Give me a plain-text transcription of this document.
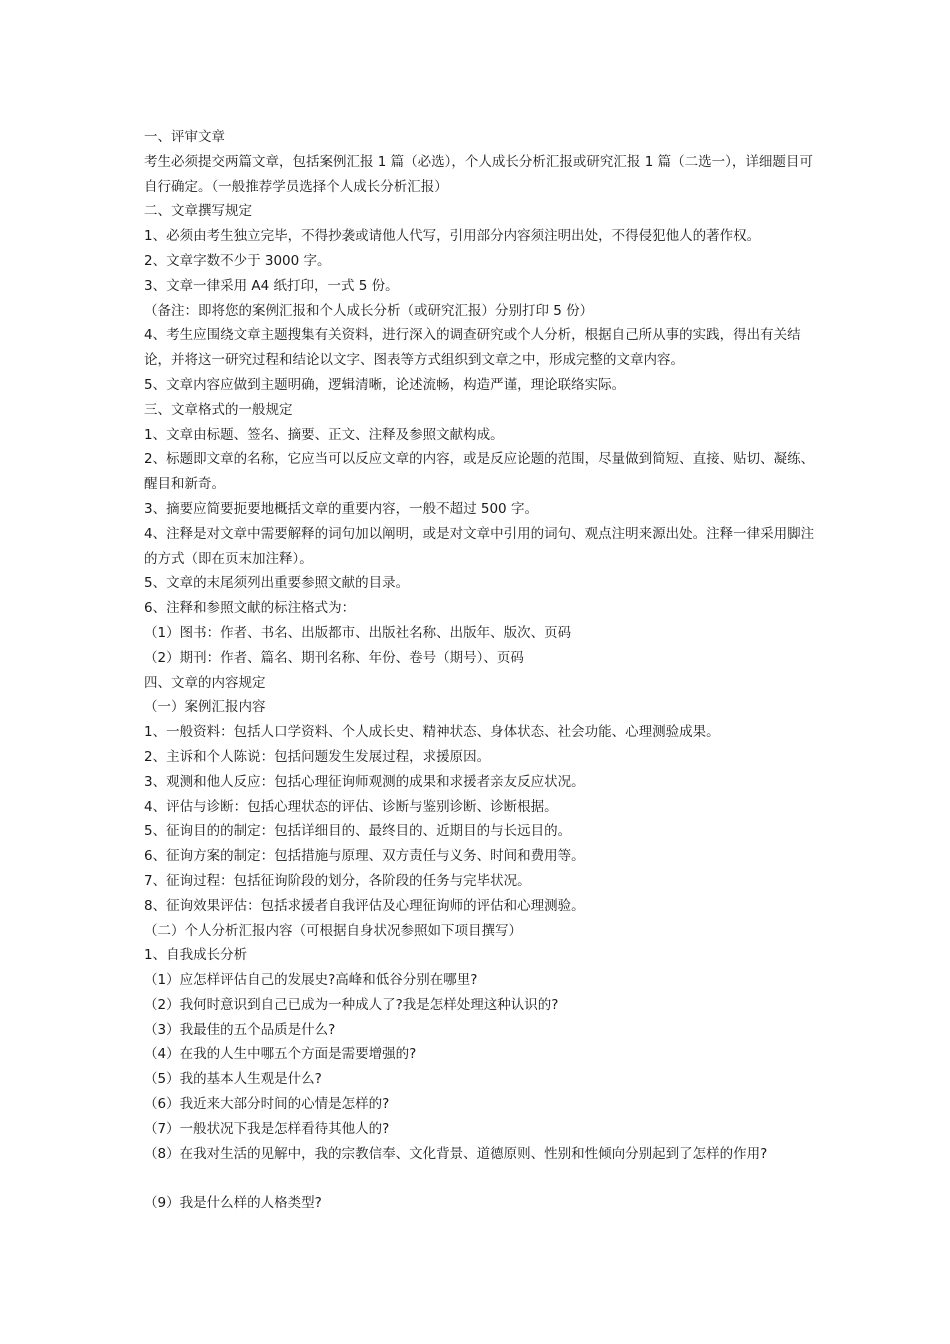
一、评审文章
考生必须提交两篇文章，包括案例汇报 1 篇（必选），个人成长分析汇报或研究汇报 1 篇（二选一），详细题目可自行确定。（一般推荐学员选择个人成长分析汇报）
二、文章撰写规定
1、必须由考生独立完毕，不得抄袭或请他人代写，引用部分内容须注明出处，不得侵犯他人的著作权。
2、文章字数不少于 3000 字。
3、文章一律采用 A4 纸打印，一式 5 份。
（备注：即将您的案例汇报和个人成长分析（或研究汇报）分别打印 5 份）
4、考生应围绕文章主题搜集有关资料，进行深入的调查研究或个人分析，根据自己所从事的实践，得出有关结论，并将这一研究过程和结论以文字、图表等方式组织到文章之中，形成完整的文章内容。
5、文章内容应做到主题明确，逻辑清晰，论述流畅，构造严谨，理论联络实际。
三、文章格式的一般规定
1、文章由标题、签名、摘要、正文、注释及参照文献构成。
2、标题即文章的名称，它应当可以反应文章的内容，或是反应论题的范围，尽量做到简短、直接、贴切、凝练、醒目和新奇。
3、摘要应简要扼要地概括文章的重要内容，一般不超过 500 字。
4、注释是对文章中需要解释的词句加以阐明，或是对文章中引用的词句、观点注明来源出处。注释一律采用脚注的方式（即在页末加注释）。
5、文章的末尾须列出重要参照文献的目录。
6、注释和参照文献的标注格式为：
（1）图书：作者、书名、出版都市、出版社名称、出版年、版次、页码
（2）期刊：作者、篇名、期刊名称、年份、卷号（期号）、页码
四、文章的内容规定
（一）案例汇报内容
1、一般资料：包括人口学资料、个人成长史、精神状态、身体状态、社会功能、心理测验成果。
2、主诉和个人陈说：包括问题发生发展过程，求援原因。
3、观测和他人反应：包括心理征询师观测的成果和求援者亲友反应状况。
4、评估与诊断：包括心理状态的评估、诊断与鉴别诊断、诊断根据。
5、征询目的的制定：包括详细目的、最终目的、近期目的与长远目的。
6、征询方案的制定：包括措施与原理、双方责任与义务、时间和费用等。
7、征询过程：包括征询阶段的划分，各阶段的任务与完毕状况。
8、征询效果评估：包括求援者自我评估及心理征询师的评估和心理测验。
（二）个人分析汇报内容（可根据自身状况参照如下项目撰写）
1、自我成长分析
（1）应怎样评估自己的发展史?高峰和低谷分别在哪里?
（2）我何时意识到自己已成为一种成人了?我是怎样处理这种认识的?
（3）我最佳的五个品质是什么?
（4）在我的人生中哪五个方面是需要增强的?
（5）我的基本人生观是什么?
（6）我近来大部分时间的心情是怎样的?
（7）一般状况下我是怎样看待其他人的?
（8）在我对生活的见解中，我的宗教信奉、文化背景、道德原则、性别和性倾向分别起到了怎样的作用?
（9）我是什么样的人格类型?
